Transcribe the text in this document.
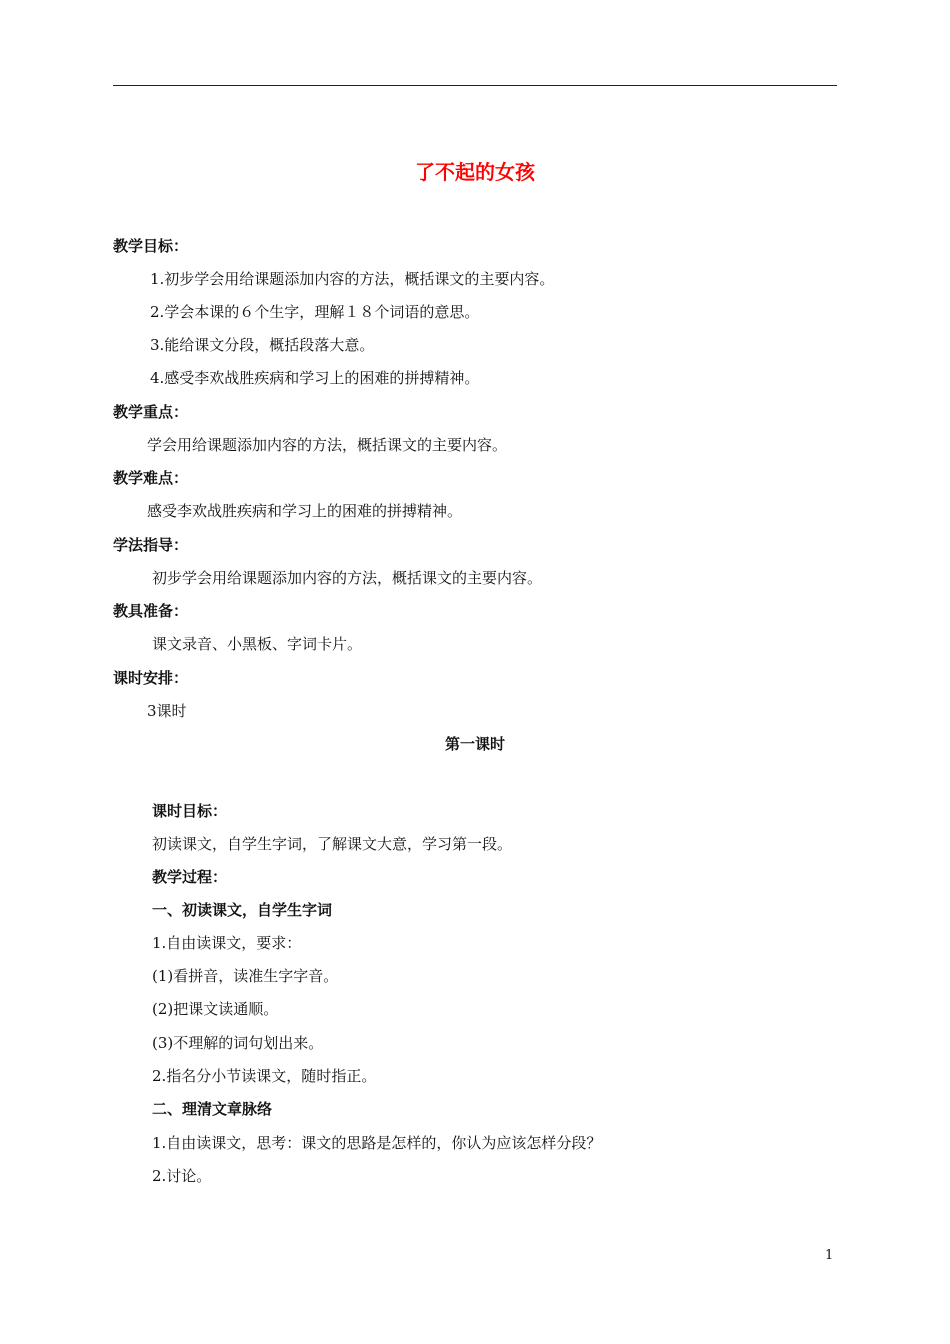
了不起的女孩
教学目标：
1.初步学会用给课题添加内容的方法，概括课文的主要内容。
2.学会本课的６个生字，理解１８个词语的意思。
3.能给课文分段，概括段落大意。
4.感受李欢战胜疾病和学习上的困难的拼搏精神。
教学重点：
学会用给课题添加内容的方法，概括课文的主要内容。
教学难点：
感受李欢战胜疾病和学习上的困难的拼搏精神。
学法指导：
初步学会用给课题添加内容的方法，概括课文的主要内容。
教具准备：
课文录音、小黑板、字词卡片。
课时安排：
3课时
第一课时
课时目标：
初读课文，自学生字词，了解课文大意，学习第一段。
教学过程：
一、初读课文，自学生字词
1.自由读课文，要求：
(1)看拼音，读准生字字音。
(2)把课文读通顺。
(3)不理解的词句划出来。
2.指名分小节读课文，随时指正。
二、理清文章脉络
1.自由读课文，思考：课文的思路是怎样的，你认为应该怎样分段？
2.讨论。
1
